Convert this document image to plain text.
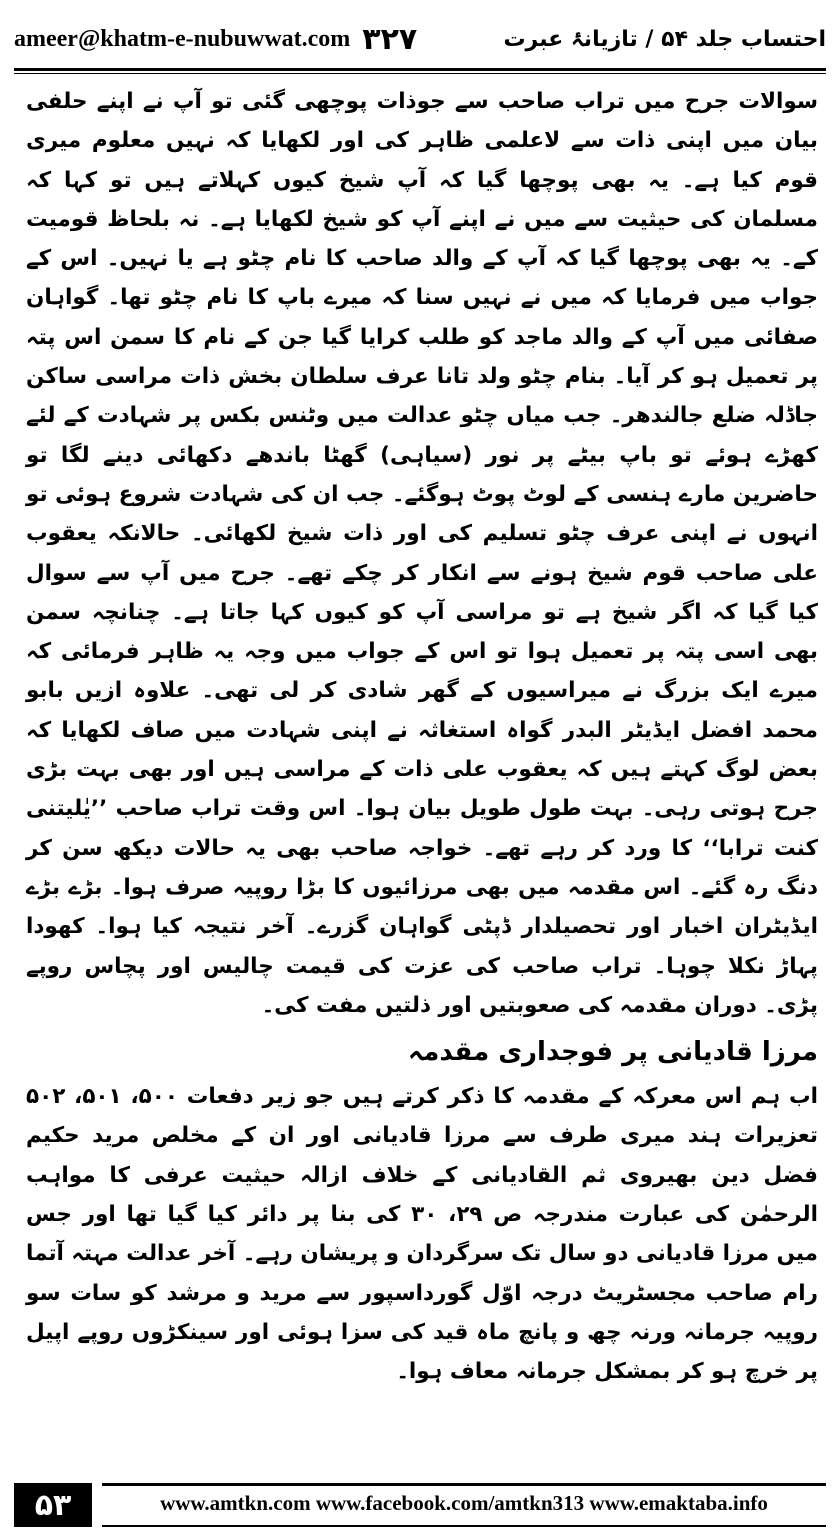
ameer@khatm-e-nubuwwat.com ۳۲۷	احتساب جلد ۵۴ / تازیانۂ عبرت

سوالات جرح میں تراب صاحب سے جوذات پوچھی گئی تو آپ نے اپنے حلفی بیان میں اپنی ذات سے لاعلمی ظاہر کی اور لکھایا کہ نہیں معلوم میری قوم کیا ہے۔ یہ بھی پوچھا گیا کہ آپ شیخ کیوں کہلاتے ہیں تو کہا کہ مسلمان کی حیثیت سے میں نے اپنے آپ کو شیخ لکھایا ہے۔ نہ بلحاظ قومیت کے۔ یہ بھی پوچھا گیا کہ آپ کے والد صاحب کا نام چٹو ہے یا نہیں۔ اس کے جواب میں فرمایا کہ میں نے نہیں سنا کہ میرے باپ کا نام چٹو تھا۔ گواہان صفائی میں آپ کے والد ماجد کو طلب کرایا گیا جن کے نام کا سمن اس پتہ پر تعمیل ہو کر آیا۔ بنام چٹو ولد تانا عرف سلطان بخش ذات مراسی ساکن جاڈلہ ضلع جالندھر۔ جب میاں چٹو عدالت میں وٹنس بکس پر شہادت کے لئے کھڑے ہوئے تو باپ بیٹے پر نور (سیاہی) گھٹا باندھے دکھائی دینے لگا تو حاضرین مارے ہنسی کے لوٹ پوٹ ہوگئے۔ جب ان کی شہادت شروع ہوئی تو انہوں نے اپنی عرف چٹو تسلیم کی اور ذات شیخ لکھائی۔ حالانکہ یعقوب علی صاحب قوم شیخ ہونے سے انکار کر چکے تھے۔ جرح میں آپ سے سوال کیا گیا کہ اگر شیخ ہے تو مراسی آپ کو کیوں کہا جاتا ہے۔ چنانچہ سمن بھی اسی پتہ پر تعمیل ہوا تو اس کے جواب میں وجہ یہ ظاہر فرمائی کہ میرے ایک بزرگ نے میراسیوں کے گھر شادی کر لی تھی۔ علاوہ ازیں بابو محمد افضل ایڈیٹر البدر گواہ استغاثہ نے اپنی شہادت میں صاف لکھایا کہ بعض لوگ کہتے ہیں کہ یعقوب علی ذات کے مراسی ہیں اور بھی بہت بڑی جرح ہوتی رہی۔ بہت طول طویل بیان ہوا۔ اس وقت تراب صاحب ’’یٰلیتنی کنت ترابا‘‘ کا ورد کر رہے تھے۔ خواجہ صاحب بھی یہ حالات دیکھ سن کر دنگ رہ گئے۔ اس مقدمہ میں بھی مرزائیوں کا بڑا روپیہ صرف ہوا۔ بڑے بڑے ایڈیٹران اخبار اور تحصیلدار ڈپٹی گواہان گزرے۔ آخر نتیجہ کیا ہوا۔ کھودا پہاڑ نکلا چوہا۔ تراب صاحب کی عزت کی قیمت چالیس اور پچاس روپے پڑی۔ دوران مقدمہ کی صعوبتیں اور ذلتیں مفت کی۔

مرزا قادیانی پر فوجداری مقدمہ

اب ہم اس معرکہ کے مقدمہ کا ذکر کرتے ہیں جو زیر دفعات ۵۰۰، ۵۰۱، ۵۰۲ تعزیرات ہند میری طرف سے مرزا قادیانی اور ان کے مخلص مرید حکیم فضل دین بھیروی ثم القادیانی کے خلاف ازالہ حیثیت عرفی کا مواہب الرحمٰن کی عبارت مندرجہ ص ۲۹، ۳۰ کی بنا پر دائر کیا گیا تھا اور جس میں مرزا قادیانی دو سال تک سرگردان و پریشان رہے۔ آخر عدالت مہتہ آتما رام صاحب مجسٹریٹ درجہ اوّل گورداسپور سے مرید و مرشد کو سات سو روپیہ جرمانہ ورنہ چھ و پانچ ماہ قید کی سزا ہوئی اور سینکڑوں روپے اپیل پر خرچ ہو کر بمشکل جرمانہ معاف ہوا۔

۵۳	www.amtkn.com www.facebook.com/amtkn313 www.emaktaba.info
